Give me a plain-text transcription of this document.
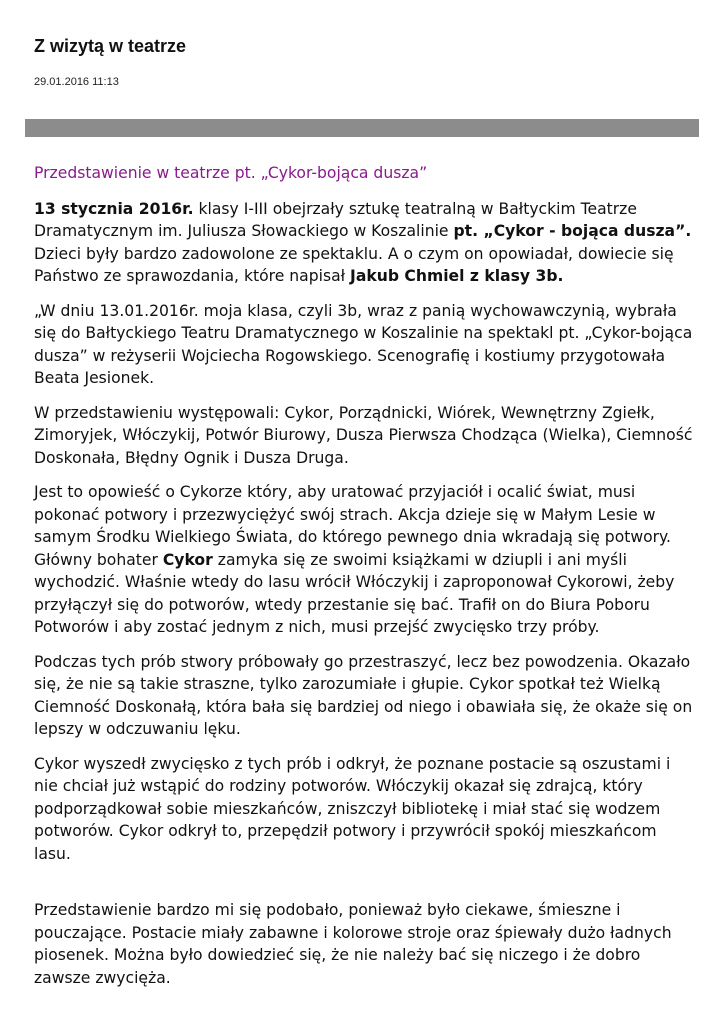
Z wizytą w teatrze
29.01.2016 11:13
Przedstawienie w teatrze pt. „Cykor-bojąca dusza”

13 stycznia 2016r. klasy I-III obejrzały sztukę teatralną w Bałtyckim Teatrze Dramatycznym im. Juliusza Słowackiego w Koszalinie pt. „Cykor - bojąca dusza”. Dzieci były bardzo zadowolone ze spektaklu. A o czym on opowiadał, dowiecie się Państwo ze sprawozdania, które napisał Jakub Chmiel z klasy 3b.

„W dniu 13.01.2016r. moja klasa, czyli 3b, wraz z panią wychowawczynią, wybrała się do Bałtyckiego Teatru Dramatycznego w Koszalinie na spektakl pt. „Cykor-bojąca dusza” w reżyserii Wojciecha Rogowskiego. Scenografię i kostiumy przygotowała Beata Jesionek.

W przedstawieniu występowali: Cykor, Porządnicki, Wiórek, Wewnętrzny Zgiełk, Zimoryjek, Włóczykij, Potwór Biurowy, Dusza Pierwsza Chodząca (Wielka), Ciemność Doskonała, Błędny Ognik i Dusza Druga.

Jest to opowieść o Cykorze który, aby uratować przyjaciół i ocalić świat, musi pokonać potwory i przezwyciężyć swój strach. Akcja dzieje się w Małym Lesie w samym Środku Wielkiego Świata, do którego pewnego dnia wkradają się potwory. Główny bohater Cykor zamyka się ze swoimi książkami w dziupli i ani myśli wychodzić. Właśnie wtedy do lasu wrócił Włóczykij i zaproponował Cykorowi, żeby przyłączył się do potworów, wtedy przestanie się bać. Trafił on do Biura Poboru Potworów i aby zostać jednym z nich, musi przejść zwycięsko trzy próby.

Podczas tych prób stwory próbowały go przestraszyć, lecz bez powodzenia. Okazało się, że nie są takie straszne, tylko zarozumiałe i głupie. Cykor spotkał też Wielką Ciemność Doskonałą, która bała się bardziej od niego i obawiała się, że okaże się on lepszy w odczuwaniu lęku.

Cykor wyszedł zwycięsko z tych prób i odkrył, że poznane postacie są oszustami i nie chciał już wstąpić do rodziny potworów. Włóczykij okazał się zdrajcą, który podporządkował sobie mieszkańców, zniszczył bibliotekę i miał stać się wodzem potworów. Cykor odkrył to, przepędził potwory i przywrócił spokój mieszkańcom lasu.

Przedstawienie bardzo mi się podobało, ponieważ było ciekawe, śmieszne i pouczające. Postacie miały zabawne i kolorowe stroje oraz śpiewały dużo ładnych piosenek. Można było dowiedzieć się, że nie należy bać się niczego i że dobro zawsze zwycięża.
